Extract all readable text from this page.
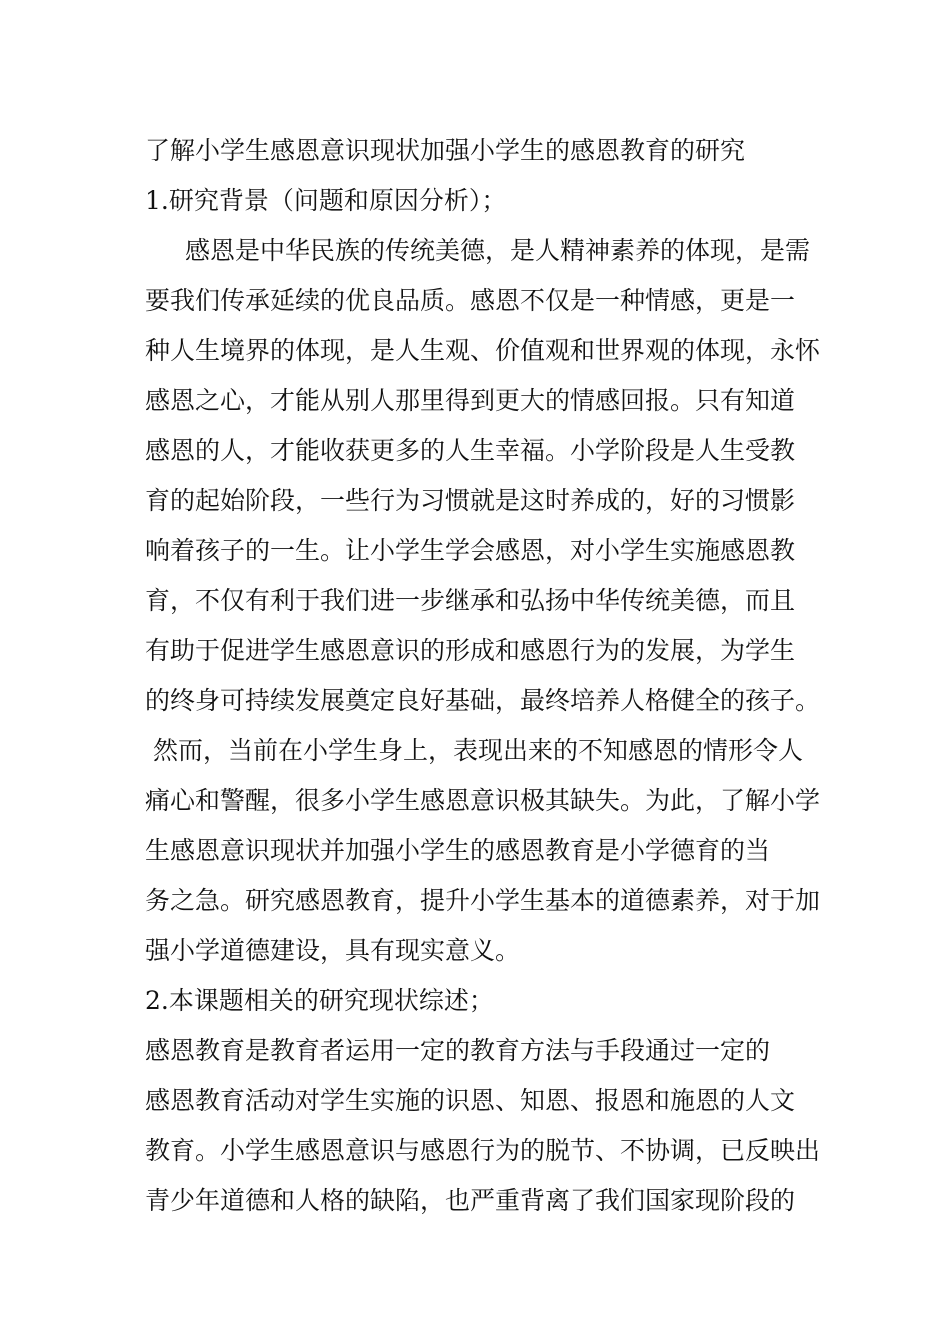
了解小学生感恩意识现状加强小学生的感恩教育的研究
1.研究背景（问题和原因分析）；
感恩是中华民族的传统美德，是人精神素养的体现，是需
要我们传承延续的优良品质。感恩不仅是一种情感，更是一
种人生境界的体现，是人生观、价值观和世界观的体现，永怀
感恩之心，才能从别人那里得到更大的情感回报。只有知道
感恩的人，才能收获更多的人生幸福。小学阶段是人生受教
育的起始阶段，一些行为习惯就是这时养成的，好的习惯影
响着孩子的一生。让小学生学会感恩，对小学生实施感恩教
育，不仅有利于我们进一步继承和弘扬中华传统美德，而且
有助于促进学生感恩意识的形成和感恩行为的发展，为学生
的终身可持续发展奠定良好基础，最终培养人格健全的孩子。
然而，当前在小学生身上，表现出来的不知感恩的情形令人
痛心和警醒，很多小学生感恩意识极其缺失。为此，了解小学
生感恩意识现状并加强小学生的感恩教育是小学德育的当
务之急。研究感恩教育，提升小学生基本的道德素养，对于加
强小学道德建设，具有现实意义。
2.本课题相关的研究现状综述；
感恩教育是教育者运用一定的教育方法与手段通过一定的
感恩教育活动对学生实施的识恩、知恩、报恩和施恩的人文
教育。小学生感恩意识与感恩行为的脱节、不协调，已反映出
青少年道德和人格的缺陷，也严重背离了我们国家现阶段的
